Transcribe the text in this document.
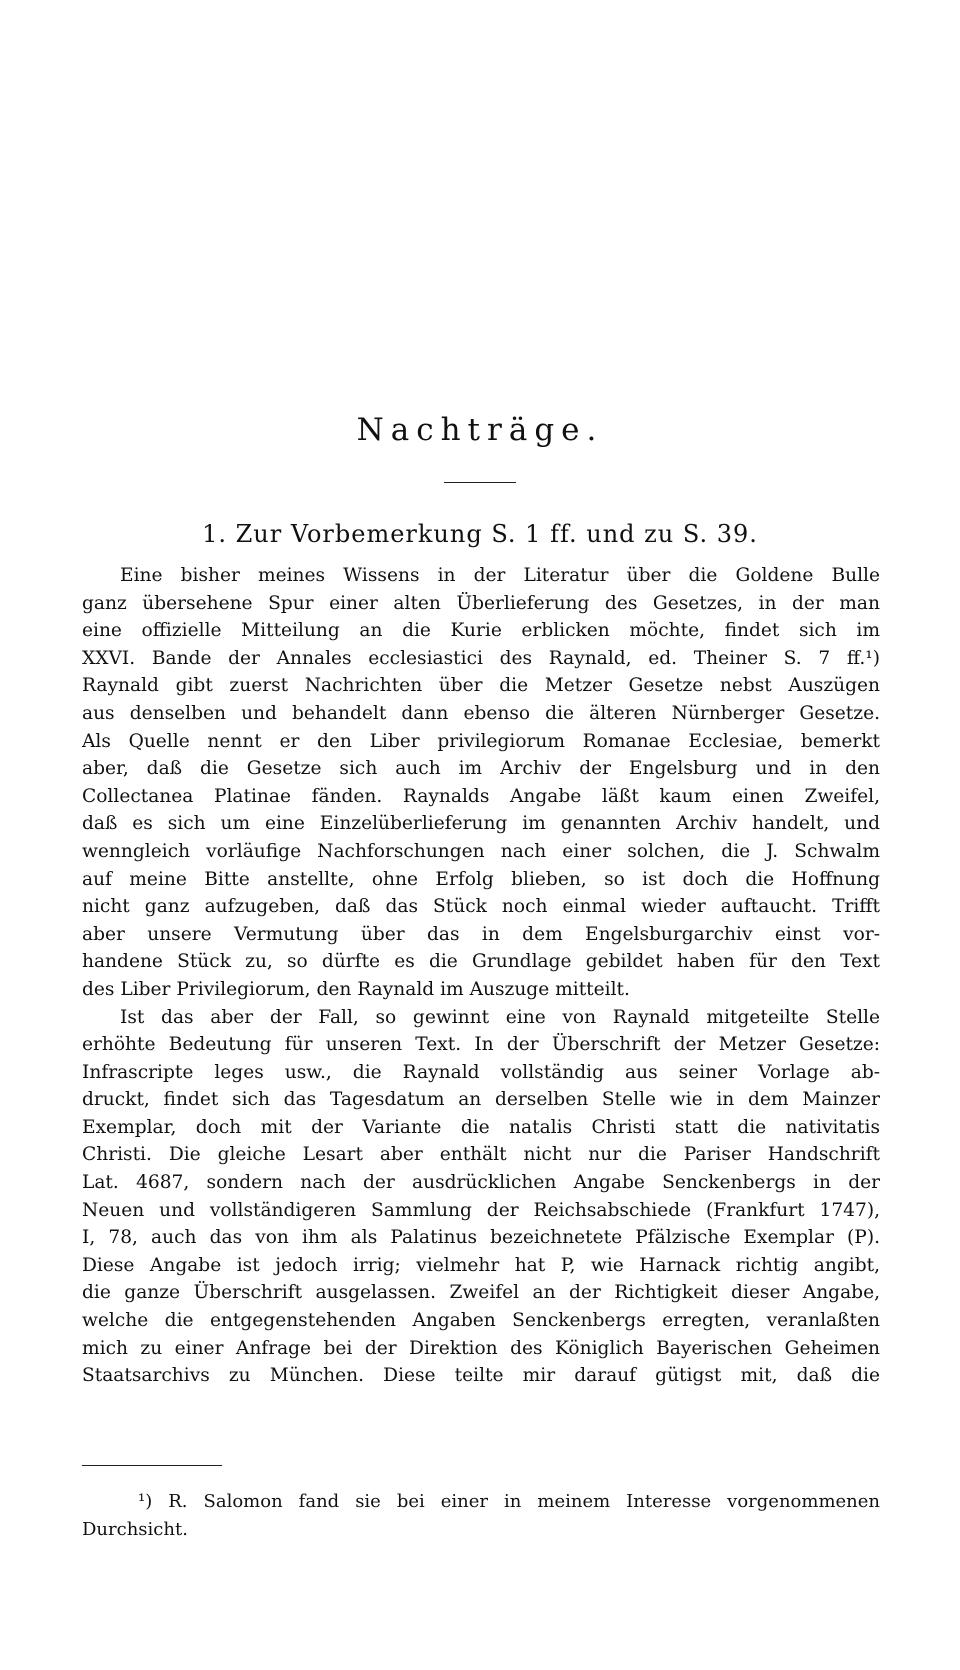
Nachträge.
1. Zur Vorbemerkung S. 1 ff. und zu S. 39.
Eine bisher meines Wissens in der Literatur über die Goldene Bulle
ganz übersehene Spur einer alten Überlieferung des Gesetzes, in der man
eine offizielle Mitteilung an die Kurie erblicken möchte, findet sich im
XXVI. Bande der Annales ecclesiastici des Raynald, ed. Theiner S. 7 ff.¹)
Raynald gibt zuerst Nachrichten über die Metzer Gesetze nebst Auszügen
aus denselben und behandelt dann ebenso die älteren Nürnberger Gesetze.
Als Quelle nennt er den Liber privilegiorum Romanae Ecclesiae, bemerkt
aber, daß die Gesetze sich auch im Archiv der Engelsburg und in den
Collectanea Platinae fänden. Raynalds Angabe läßt kaum einen Zweifel,
daß es sich um eine Einzelüberlieferung im genannten Archiv handelt, und
wenngleich vorläufige Nachforschungen nach einer solchen, die J. Schwalm
auf meine Bitte anstellte, ohne Erfolg blieben, so ist doch die Hoffnung
nicht ganz aufzugeben, daß das Stück noch einmal wieder auftaucht. Trifft
aber unsere Vermutung über das in dem Engelsburgarchiv einst vor-
handene Stück zu, so dürfte es die Grundlage gebildet haben für den Text
des Liber Privilegiorum, den Raynald im Auszuge mitteilt.
Ist das aber der Fall, so gewinnt eine von Raynald mitgeteilte Stelle
erhöhte Bedeutung für unseren Text. In der Überschrift der Metzer Gesetze:
Infrascripte leges usw., die Raynald vollständig aus seiner Vorlage ab-
druckt, findet sich das Tagesdatum an derselben Stelle wie in dem Mainzer
Exemplar, doch mit der Variante die natalis Christi statt die nativitatis
Christi. Die gleiche Lesart aber enthält nicht nur die Pariser Handschrift
Lat. 4687, sondern nach der ausdrücklichen Angabe Senckenbergs in der
Neuen und vollständigeren Sammlung der Reichsabschiede (Frankfurt 1747),
I, 78, auch das von ihm als Palatinus bezeichnetete Pfälzische Exemplar (P).
Diese Angabe ist jedoch irrig; vielmehr hat P, wie Harnack richtig angibt,
die ganze Überschrift ausgelassen. Zweifel an der Richtigkeit dieser Angabe,
welche die entgegenstehenden Angaben Senckenbergs erregten, veranlaßten
mich zu einer Anfrage bei der Direktion des Königlich Bayerischen Geheimen
Staatsarchivs zu München. Diese teilte mir darauf gütigst mit, daß die
¹) R. Salomon fand sie bei einer in meinem Interesse vorgenommenen
Durchsicht.
